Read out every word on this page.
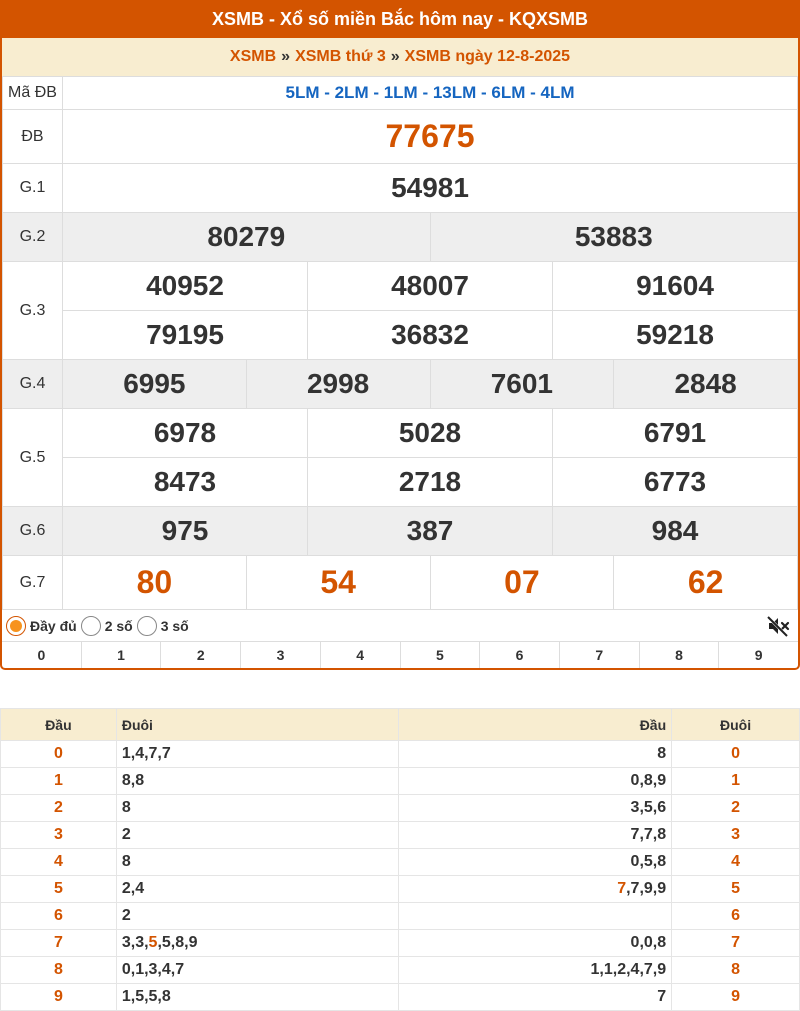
XSMB - Xổ số miền Bắc hôm nay - KQXSMB
XSMB » XSMB thứ 3 » XSMB ngày 12-8-2025
Mã ĐB	5LM - 2LM - 1LM - 13LM - 6LM - 4LM					
ĐB	77675					
G.1	54981					
G.2	80279			53883		
G.3	40952		48007		91604	
	79195		36832		59218	
G.4	6995	2998		7601		2848
G.5	6978		5028		6791	
	8473		2718		6773	
G.6	975		387		984	
G.7	80	54		07		62
Đầy đủ 2 số 3 số
0	1	2	3	4	5	6	7	8	9
Đầu	Đuôi	Đầu	Đuôi
0	1,4,7,7	8	0
1	8,8	0,8,9	1
2	8	3,5,6	2
3	2	7,7,8	3
4	8	0,5,8	4
5	2,4	7,7,9,9	5
6	2		6
7	3,3,5,5,8,9	0,0,8	7
8	0,1,3,4,7	1,1,2,4,7,9	8
9	1,5,5,8	7	9
